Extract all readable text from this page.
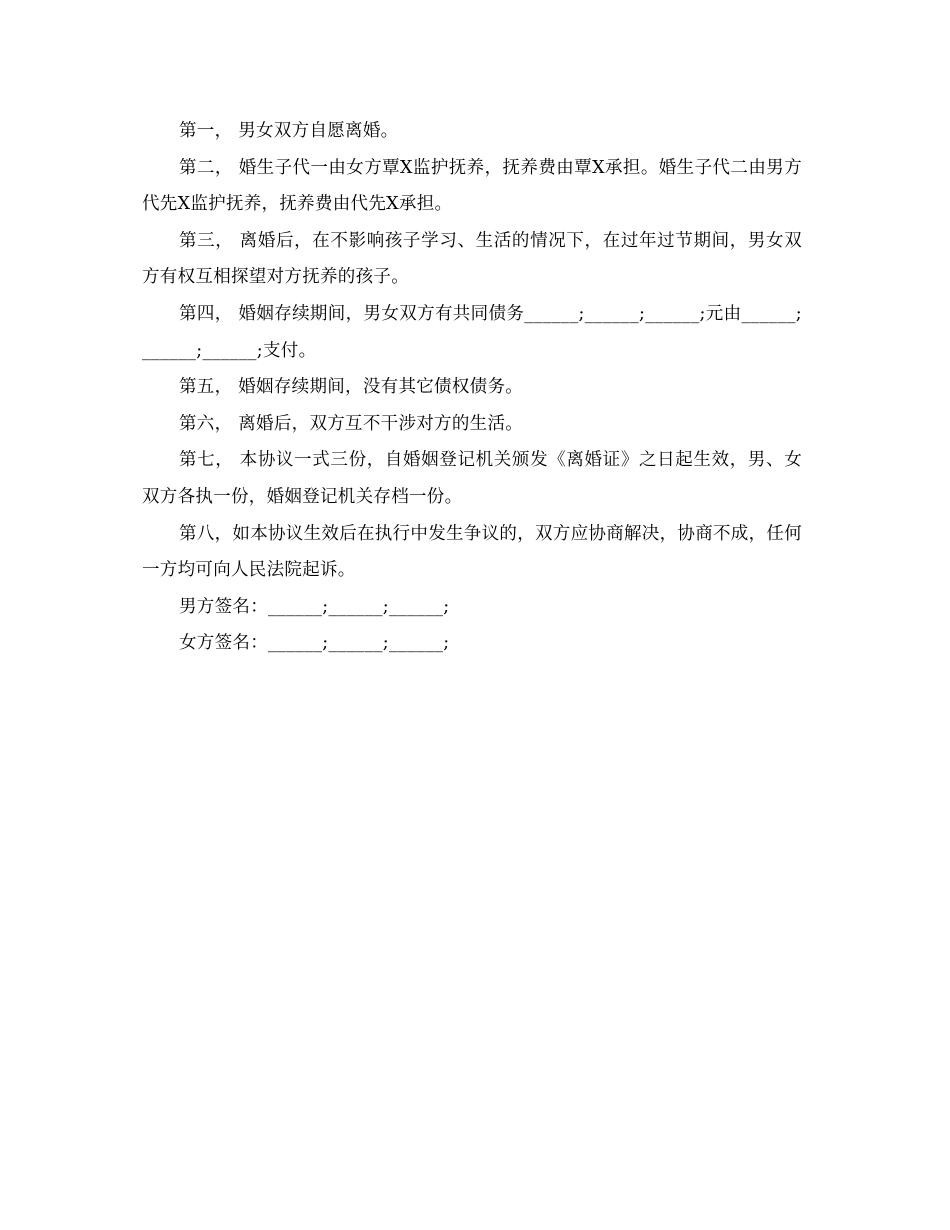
第一， 男女双方自愿离婚。

第二， 婚生子代一由女方覃X监护抚养，抚养费由覃X承担。婚生子代二由男方代先X监护抚养，抚养费由代先X承担。

第三， 离婚后，在不影响孩子学习、生活的情况下，在过年过节期间，男女双方有权互相探望对方抚养的孩子。

第四， 婚姻存续期间，男女双方有共同债务______;______;______;元由______;______;______;支付。

第五， 婚姻存续期间，没有其它债权债务。

第六， 离婚后，双方互不干涉对方的生活。

第七， 本协议一式三份，自婚姻登记机关颁发《离婚证》之日起生效，男、女双方各执一份，婚姻登记机关存档一份。

第八，如本协议生效后在执行中发生争议的，双方应协商解决，协商不成，任何一方均可向人民法院起诉。

男方签名：______;______;______;

女方签名：______;______;______;
